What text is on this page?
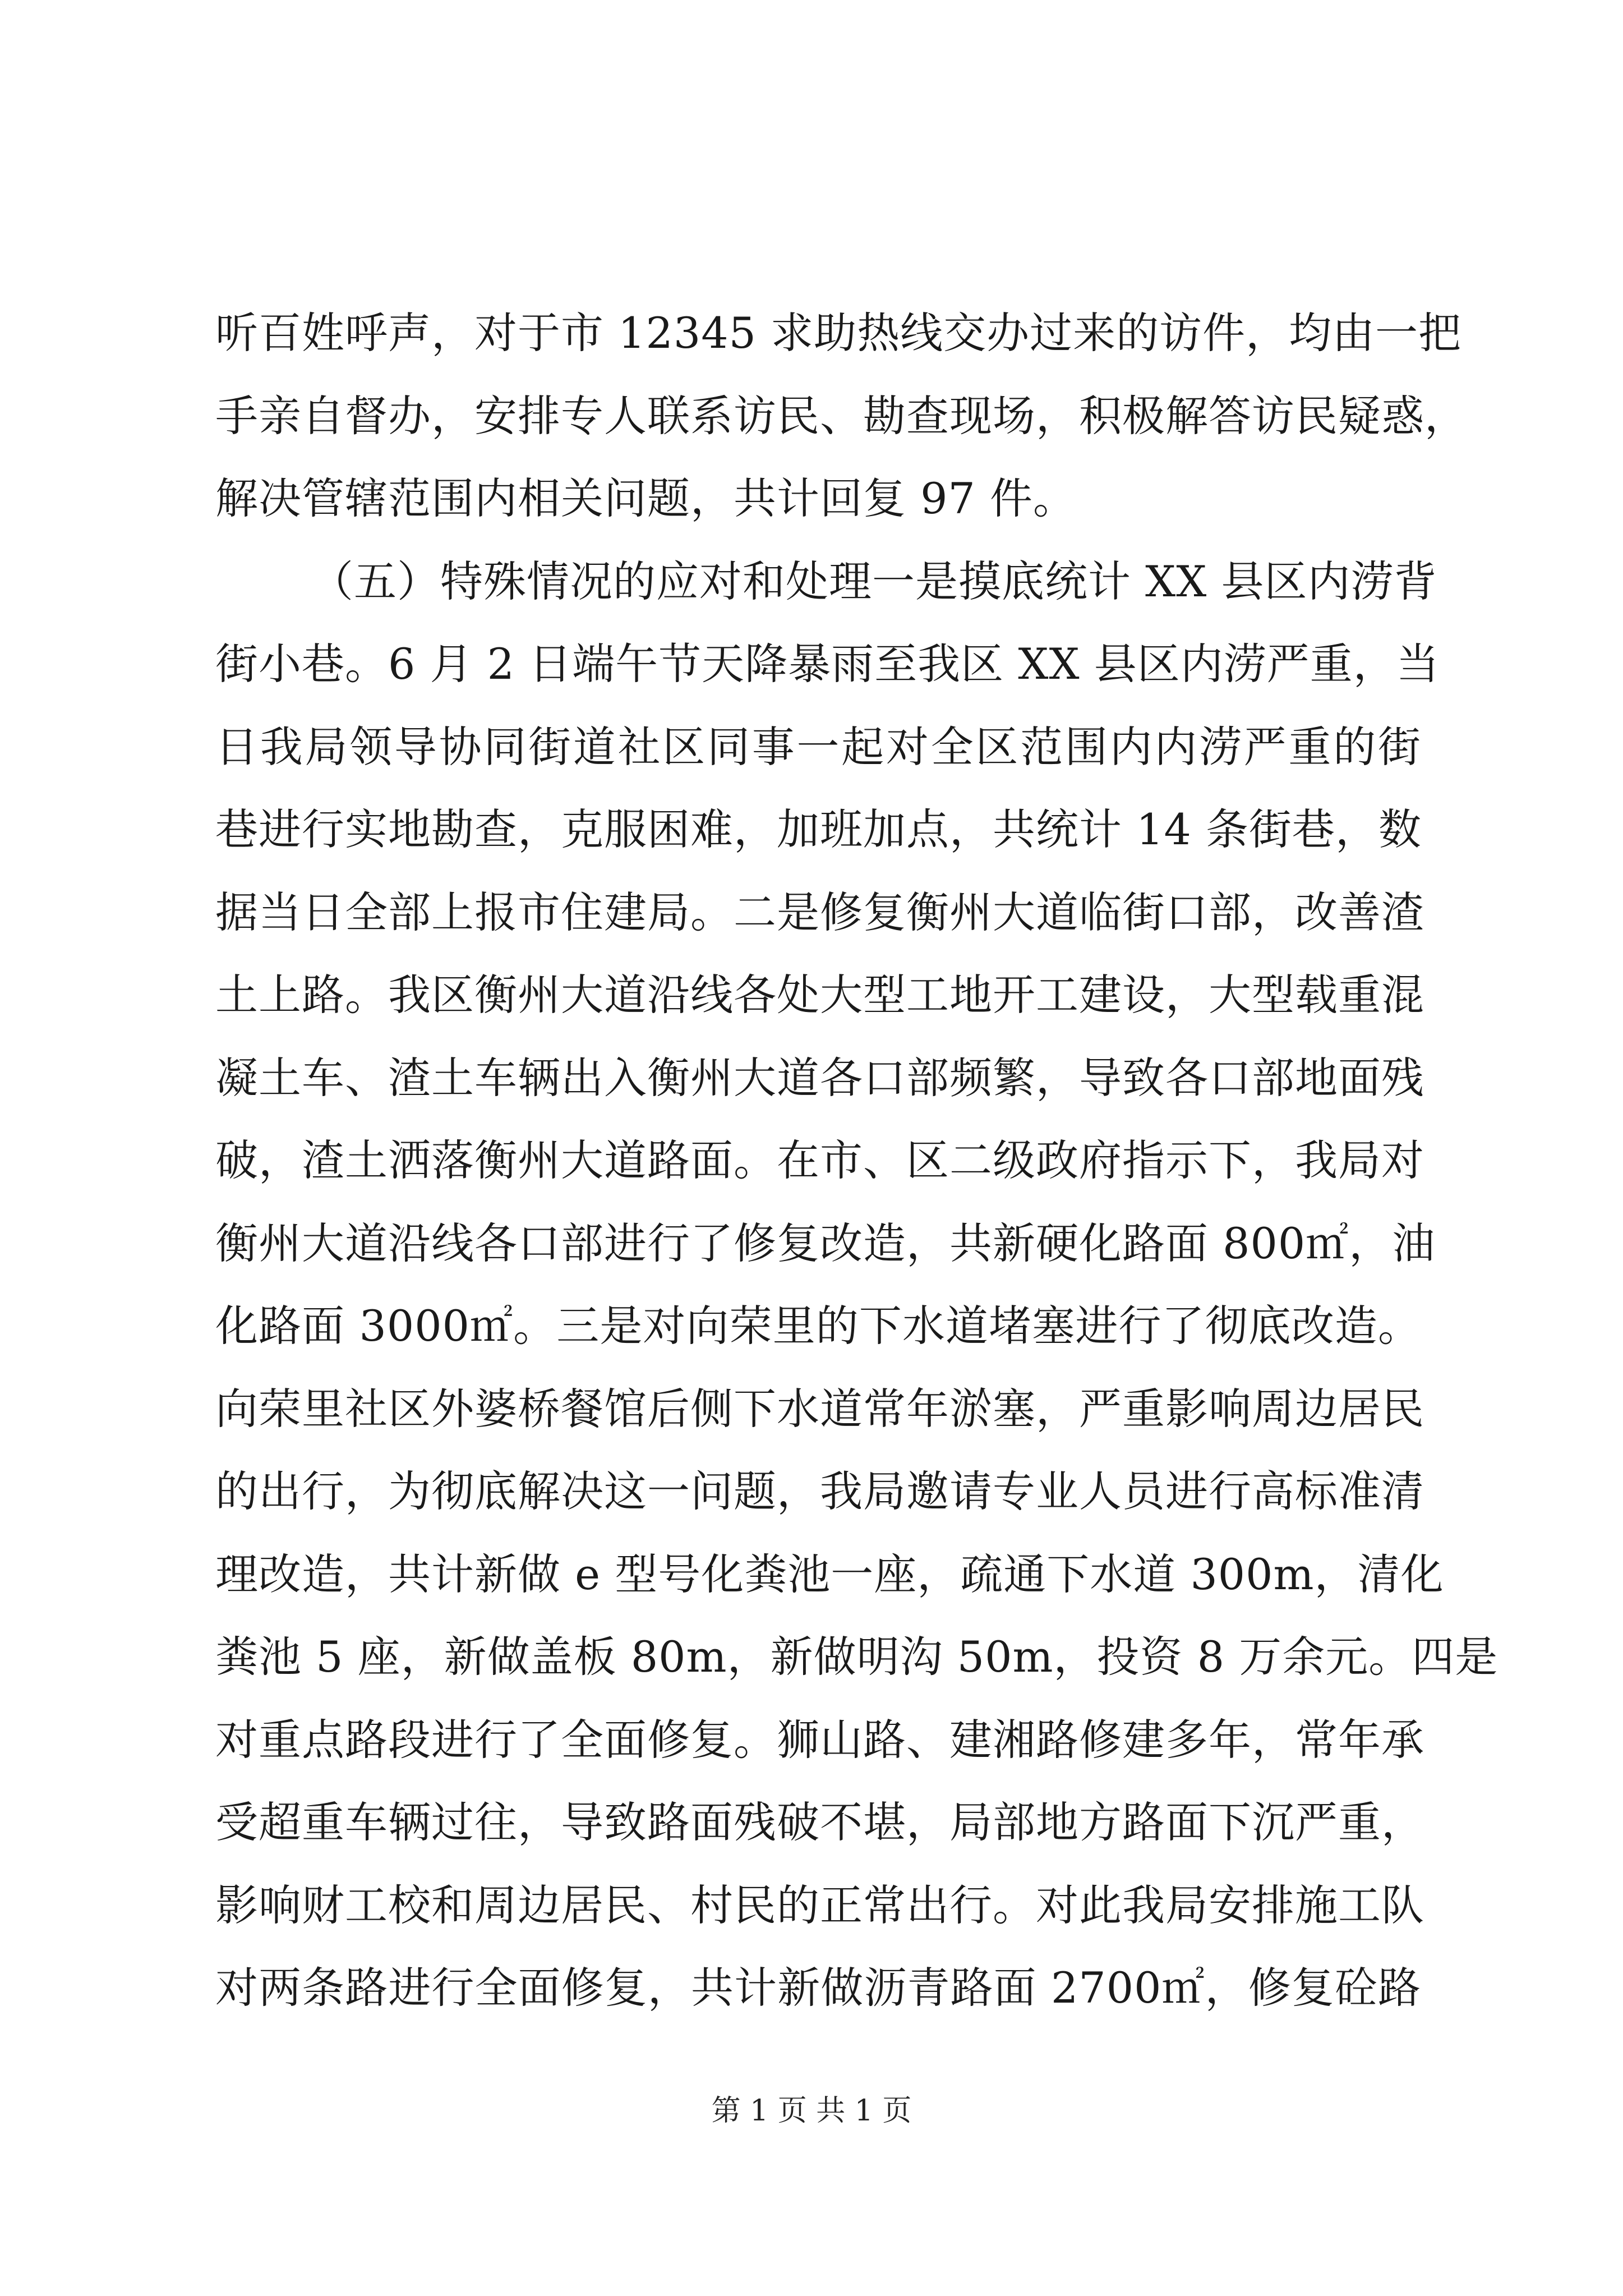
听百姓呼声，对于市 12345 求助热线交办过来的访件，均由一把
手亲自督办，安排专人联系访民、勘查现场，积极解答访民疑惑，
解决管辖范围内相关问题，共计回复 97 件。
（五）特殊情况的应对和处理一是摸底统计 XX 县区内涝背
街小巷。6 月 2 日端午节天降暴雨至我区 XX 县区内涝严重，当
日我局领导协同街道社区同事一起对全区范围内内涝严重的街
巷进行实地勘查，克服困难，加班加点，共统计 14 条街巷，数
据当日全部上报市住建局。二是修复衡州大道临街口部，改善渣
土上路。我区衡州大道沿线各处大型工地开工建设，大型载重混
凝土车、渣土车辆出入衡州大道各口部频繁，导致各口部地面残
破，渣土洒落衡州大道路面。在市、区二级政府指示下，我局对
衡州大道沿线各口部进行了修复改造，共新硬化路面 800㎡，油
化路面 3000㎡。三是对向荣里的下水道堵塞进行了彻底改造。
向荣里社区外婆桥餐馆后侧下水道常年淤塞，严重影响周边居民
的出行，为彻底解决这一问题，我局邀请专业人员进行高标准清
理改造，共计新做 e 型号化粪池一座，疏通下水道 300m，清化
粪池 5 座，新做盖板 80m，新做明沟 50m，投资 8 万余元。四是
对重点路段进行了全面修复。狮山路、建湘路修建多年，常年承
受超重车辆过往，导致路面残破不堪，局部地方路面下沉严重，
影响财工校和周边居民、村民的正常出行。对此我局安排施工队
对两条路进行全面修复，共计新做沥青路面 2700㎡，修复砼路
第 1 页 共 1 页
